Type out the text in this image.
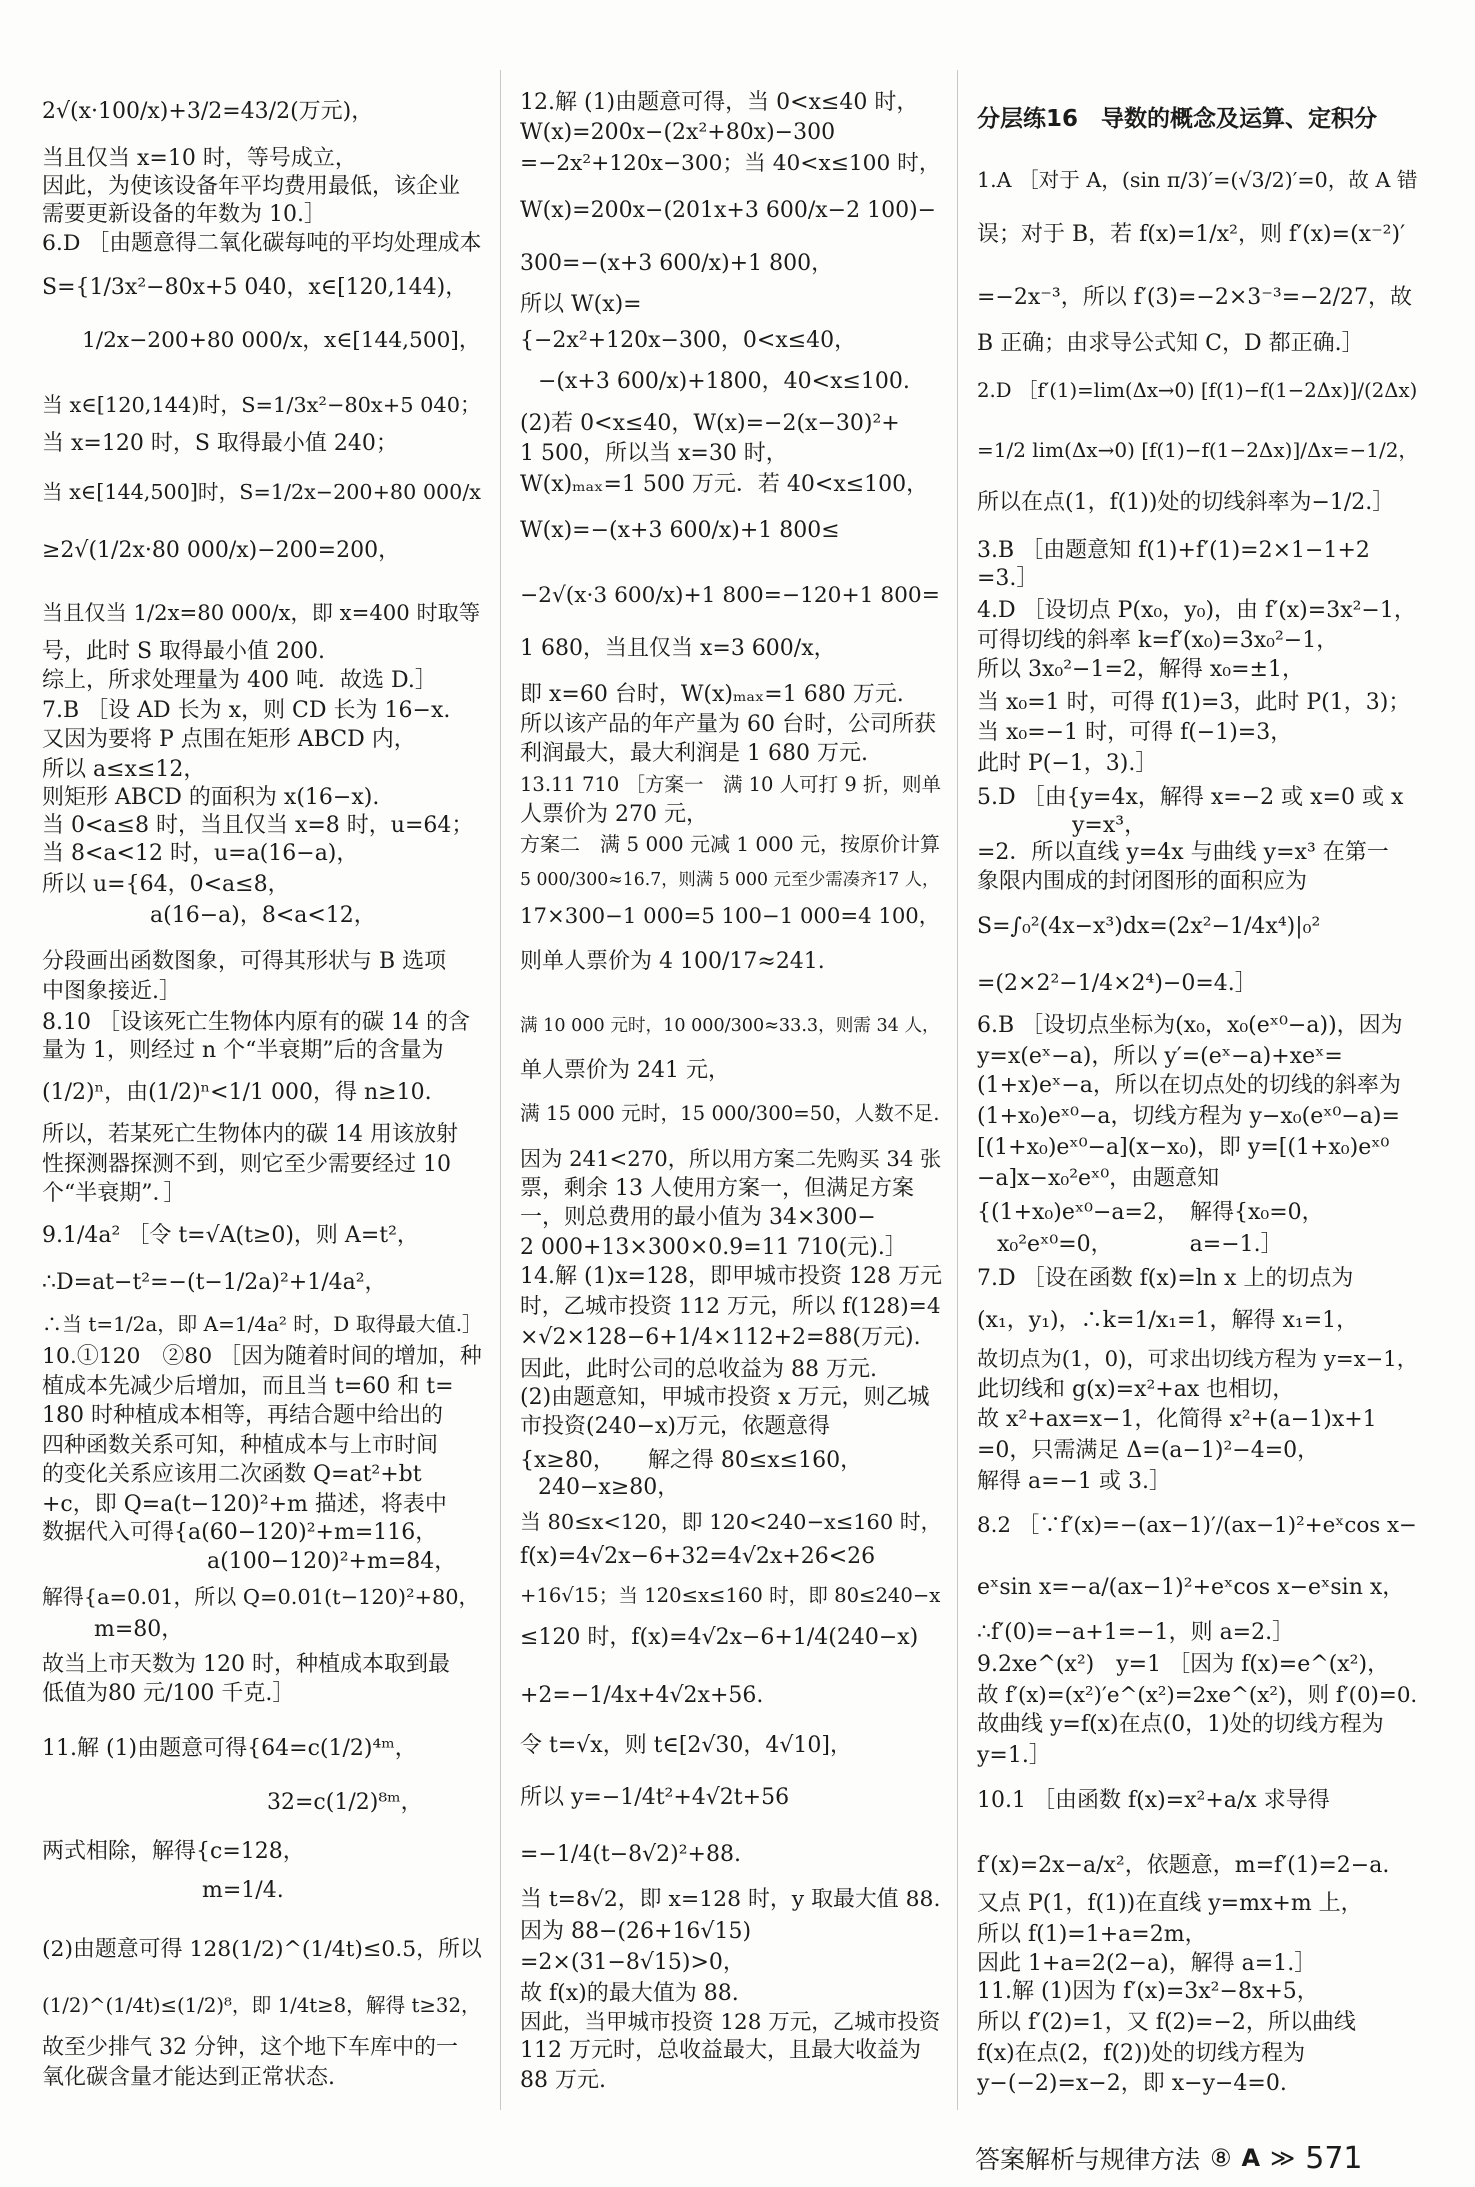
2√(x·100/x)+3/2=43/2(万元)，
当且仅当 x=10 时，等号成立，
因此，为使该设备年平均费用最低，该企业
需要更新设备的年数为 10.］
6.D ［由题意得二氧化碳每吨的平均处理成本
S={1/3x²−80x+5 040，x∈[120,144)，
1/2x−200+80 000/x，x∈[144,500]，
当 x∈[120,144)时，S=1/3x²−80x+5 040；
当 x=120 时，S 取得最小值 240；
当 x∈[144,500]时，S=1/2x−200+80 000/x
≥2√(1/2x·80 000/x)−200=200，
当且仅当 1/2x=80 000/x，即 x=400 时取等
号，此时 S 取得最小值 200.
综上，所求处理量为 400 吨．故选 D.］
7.B ［设 AD 长为 x，则 CD 长为 16−x.
又因为要将 P 点围在矩形 ABCD 内，
所以 a≤x≤12，
则矩形 ABCD 的面积为 x(16−x).
当 0<a≤8 时，当且仅当 x=8 时，u=64；
当 8<a<12 时，u=a(16−a)，
所以 u={64，0<a≤8，
a(16−a)，8<a<12，
分段画出函数图象，可得其形状与 B 选项
中图象接近.］
8.10 ［设该死亡生物体内原有的碳 14 的含
量为 1，则经过 n 个“半衰期”后的含量为
(1/2)ⁿ，由(1/2)ⁿ<1/1 000，得 n≥10.
所以，若某死亡生物体内的碳 14 用该放射
性探测器探测不到，则它至少需要经过 10
个“半衰期”．］
9.1/4a² ［令 t=√A(t≥0)，则 A=t²，
∴D=at−t²=−(t−1/2a)²+1/4a²，
∴当 t=1/2a，即 A=1/4a² 时，D 取得最大值.］
10.①120　②80 ［因为随着时间的增加，种
植成本先减少后增加，而且当 t=60 和 t=
180 时种植成本相等，再结合题中给出的
四种函数关系可知，种植成本与上市时间
的变化关系应该用二次函数 Q=at²+bt
+c，即 Q=a(t−120)²+m 描述，将表中
数据代入可得{a(60−120)²+m=116，
a(100−120)²+m=84，
解得{a=0.01，所以 Q=0.01(t−120)²+80，
m=80，
故当上市天数为 120 时，种植成本取到最
低值为80 元/100 千克.］
11.解 (1)由题意可得{64=c(1/2)⁴ᵐ，
32=c(1/2)⁸ᵐ，
两式相除，解得{c=128，
m=1/4.
(2)由题意可得 128(1/2)^(1/4t)≤0.5，所以
(1/2)^(1/4t)≤(1/2)⁸，即 1/4t≥8，解得 t≥32，
故至少排气 32 分钟，这个地下车库中的一
氧化碳含量才能达到正常状态.
12.解 (1)由题意可得，当 0<x≤40 时，
W(x)=200x−(2x²+80x)−300
=−2x²+120x−300；当 40<x≤100 时，
W(x)=200x−(201x+3 600/x−2 100)−
300=−(x+3 600/x)+1 800，
所以 W(x)=
{−2x²+120x−300，0<x≤40，
−(x+3 600/x)+1800，40<x≤100.
(2)若 0<x≤40，W(x)=−2(x−30)²+
1 500，所以当 x=30 时，
W(x)ₘₐₓ=1 500 万元．若 40<x≤100，
W(x)=−(x+3 600/x)+1 800≤
−2√(x·3 600/x)+1 800=−120+1 800=
1 680，当且仅当 x=3 600/x，
即 x=60 台时，W(x)ₘₐₓ=1 680 万元.
所以该产品的年产量为 60 台时，公司所获
利润最大，最大利润是 1 680 万元.
13.11 710 ［方案一　满 10 人可打 9 折，则单
人票价为 270 元，
方案二　满 5 000 元减 1 000 元，按原价计算
5 000/300≈16.7，则满 5 000 元至少需凑齐17 人，
17×300−1 000=5 100−1 000=4 100，
则单人票价为 4 100/17≈241.
满 10 000 元时，10 000/300≈33.3，则需 34 人，
单人票价为 241 元，
满 15 000 元时，15 000/300=50，人数不足.
因为 241<270，所以用方案二先购买 34 张
票，剩余 13 人使用方案一，但满足方案
一，则总费用的最小值为 34×300−
2 000+13×300×0.9=11 710(元).］
14.解 (1)x=128，即甲城市投资 128 万元
时，乙城市投资 112 万元，所以 f(128)=4
×√2×128−6+1/4×112+2=88(万元).
因此，此时公司的总收益为 88 万元.
(2)由题意知，甲城市投资 x 万元，则乙城
市投资(240−x)万元，依题意得
{x≥80，　　解之得 80≤x≤160，
240−x≥80，
当 80≤x<120，即 120<240−x≤160 时，
f(x)=4√2x−6+32=4√2x+26<26
+16√15；当 120≤x≤160 时，即 80≤240−x
≤120 时，f(x)=4√2x−6+1/4(240−x)
+2=−1/4x+4√2x+56.
令 t=√x，则 t∈[2√30，4√10]，
所以 y=−1/4t²+4√2t+56
=−1/4(t−8√2)²+88.
当 t=8√2，即 x=128 时，y 取最大值 88.
因为 88−(26+16√15)
=2×(31−8√15)>0，
故 f(x)的最大值为 88.
因此，当甲城市投资 128 万元，乙城市投资
112 万元时，总收益最大，且最大收益为
88 万元.
分层练16　导数的概念及运算、定积分
1.A ［对于 A，(sin π/3)′=(√3/2)′=0，故 A 错
误；对于 B，若 f(x)=1/x²，则 f′(x)=(x⁻²)′
=−2x⁻³，所以 f′(3)=−2×3⁻³=−2/27，故
B 正确；由求导公式知 C，D 都正确.］
2.D ［f′(1)=lim(Δx→0) [f(1)−f(1−2Δx)]/(2Δx)
=1/2 lim(Δx→0) [f(1)−f(1−2Δx)]/Δx=−1/2，
所以在点(1，f(1))处的切线斜率为−1/2.］
3.B ［由题意知 f(1)+f′(1)=2×1−1+2
=3.］
4.D ［设切点 P(x₀，y₀)，由 f′(x)=3x²−1，
可得切线的斜率 k=f′(x₀)=3x₀²−1，
所以 3x₀²−1=2，解得 x₀=±1，
当 x₀=1 时，可得 f(1)=3，此时 P(1，3)；
当 x₀=−1 时，可得 f(−1)=3，
此时 P(−1，3).］
5.D ［由{y=4x，解得 x=−2 或 x=0 或 x
y=x³，
=2．所以直线 y=4x 与曲线 y=x³ 在第一
象限内围成的封闭图形的面积应为
S=∫₀²(4x−x³)dx=(2x²−1/4x⁴)|₀²
=(2×2²−1/4×2⁴)−0=4.］
6.B ［设切点坐标为(x₀，x₀(eˣ⁰−a))，因为
y=x(eˣ−a)，所以 y′=(eˣ−a)+xeˣ=
(1+x)eˣ−a，所以在切点处的切线的斜率为
(1+x₀)eˣ⁰−a，切线方程为 y−x₀(eˣ⁰−a)=
[(1+x₀)eˣ⁰−a](x−x₀)，即 y=[(1+x₀)eˣ⁰
−a]x−x₀²eˣ⁰，由题意知
{(1+x₀)eˣ⁰−a=2，　解得{x₀=0，
x₀²eˣ⁰=0，　　　　a=−1.］
7.D ［设在函数 f(x)=ln x 上的切点为
(x₁，y₁)，∴k=1/x₁=1，解得 x₁=1，
故切点为(1，0)，可求出切线方程为 y=x−1，
此切线和 g(x)=x²+ax 也相切，
故 x²+ax=x−1，化简得 x²+(a−1)x+1
=0，只需满足 Δ=(a−1)²−4=0，
解得 a=−1 或 3.］
8.2 ［∵f′(x)=−(ax−1)′/(ax−1)²+eˣcos x−
eˣsin x=−a/(ax−1)²+eˣcos x−eˣsin x，
∴f′(0)=−a+1=−1，则 a=2.］
9.2xe^(x²)　y=1 ［因为 f(x)=e^(x²)，
故 f′(x)=(x²)′e^(x²)=2xe^(x²)，则 f′(0)=0.
故曲线 y=f(x)在点(0，1)处的切线方程为
y=1.］
10.1 ［由函数 f(x)=x²+a/x 求导得
f′(x)=2x−a/x²，依题意，m=f′(1)=2−a.
又点 P(1，f(1))在直线 y=mx+m 上，
所以 f(1)=1+a=2m，
因此 1+a=2(2−a)，解得 a=1.］
11.解 (1)因为 f′(x)=3x²−8x+5，
所以 f′(2)=1，又 f(2)=−2，所以曲线
f(x)在点(2，f(2))处的切线方程为
y−(−2)=x−2，即 x−y−4=0.
答案解析与规律方法 ⑧ A ≫ 571
